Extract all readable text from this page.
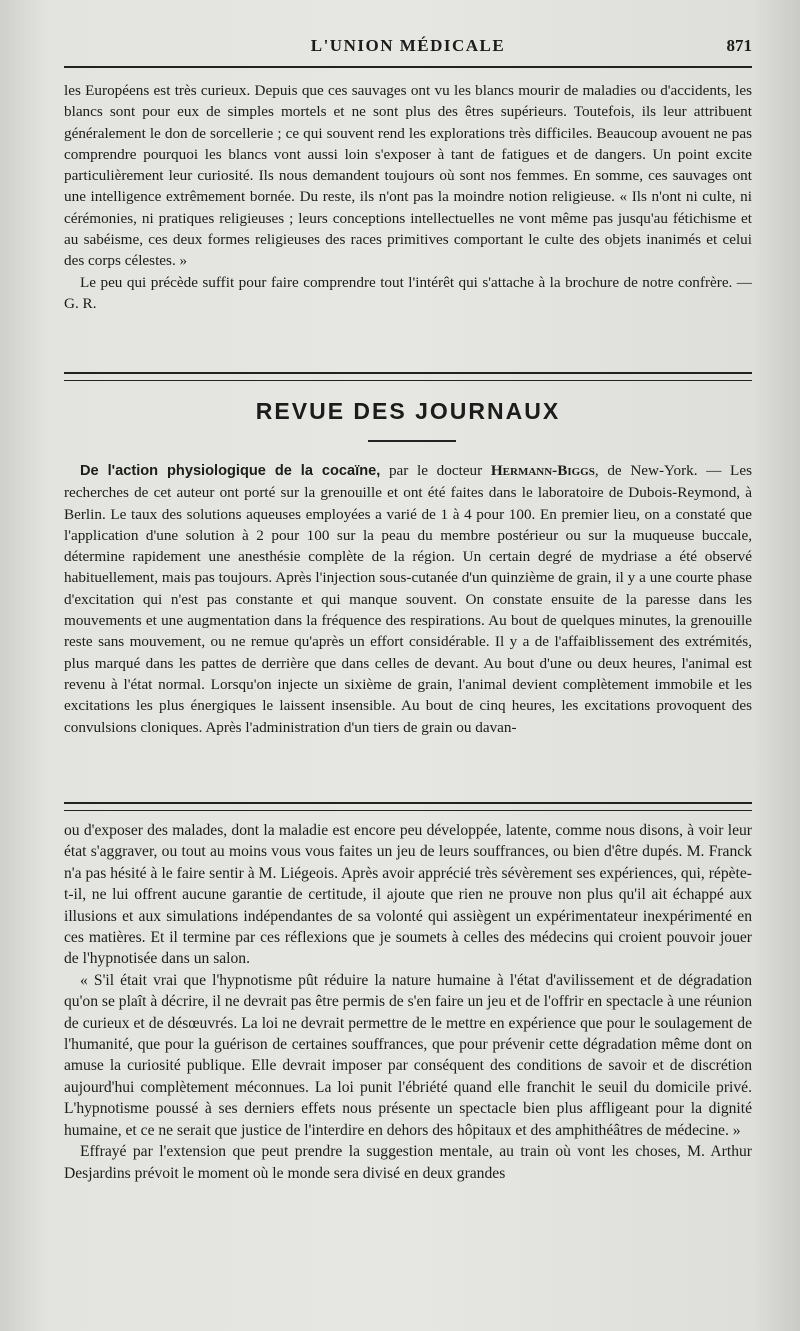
L'UNION MÉDICALE	871

les Européens est très curieux. Depuis que ces sauvages ont vu les blancs mourir de maladies ou d'accidents, les blancs sont pour eux de simples mortels et ne sont plus des êtres supérieurs. Toutefois, ils leur attribuent généralement le don de sorcellerie ; ce qui souvent rend les explorations très difficiles. Beaucoup avouent ne pas comprendre pourquoi les blancs vont aussi loin s'exposer à tant de fatigues et de dangers. Un point excite particulièrement leur curiosité. Ils nous demandent toujours où sont nos femmes. En somme, ces sauvages ont une intelligence extrêmement bornée. Du reste, ils n'ont pas la moindre notion religieuse. « Ils n'ont ni culte, ni cérémonies, ni pratiques religieuses ; leurs conceptions intellectuelles ne vont même pas jusqu'au fétichisme et au sabéisme, ces deux formes religieuses des races primitives comportant le culte des objets inanimés et celui des corps célestes. »

Le peu qui précède suffit pour faire comprendre tout l'intérêt qui s'attache à la brochure de notre confrère. — G. R.

REVUE DES JOURNAUX

De l'action physiologique de la cocaïne, par le docteur Hermann-Biggs, de New-York. — Les recherches de cet auteur ont porté sur la grenouille et ont été faites dans le laboratoire de Dubois-Reymond, à Berlin. Le taux des solutions aqueuses employées a varié de 1 à 4 pour 100. En premier lieu, on a constaté que l'application d'une solution à 2 pour 100 sur la peau du membre postérieur ou sur la muqueuse buccale, détermine rapidement une anesthésie complète de la région. Un certain degré de mydriase a été observé habituellement, mais pas toujours. Après l'injection sous-cutanée d'un quinzième de grain, il y a une courte phase d'excitation qui n'est pas constante et qui manque souvent. On constate ensuite de la paresse dans les mouvements et une augmentation dans la fréquence des respirations. Au bout de quelques minutes, la grenouille reste sans mouvement, ou ne remue qu'après un effort considérable. Il y a de l'affaiblissement des extrémités, plus marqué dans les pattes de derrière que dans celles de devant. Au bout d'une ou deux heures, l'animal est revenu à l'état normal. Lorsqu'on injecte un sixième de grain, l'animal devient complètement immobile et les excitations les plus énergiques le laissent insensible. Au bout de cinq heures, les excitations provoquent des convulsions cloniques. Après l'administration d'un tiers de grain ou davan-

ou d'exposer des malades, dont la maladie est encore peu développée, latente, comme nous disons, à voir leur état s'aggraver, ou tout au moins vous vous faites un jeu de leurs souffrances, ou bien d'être dupés. M. Franck n'a pas hésité à le faire sentir à M. Liégeois. Après avoir apprécié très sévèrement ses expériences, qui, répète-t-il, ne lui offrent aucune garantie de certitude, il ajoute que rien ne prouve non plus qu'il ait échappé aux illusions et aux simulations indépendantes de sa volonté qui assiègent un expérimentateur inexpérimenté en ces matières. Et il termine par ces réflexions que je soumets à celles des médecins qui croient pouvoir jouer de l'hypnotisée dans un salon.

« S'il était vrai que l'hypnotisme pût réduire la nature humaine à l'état d'avilissement et de dégradation qu'on se plaît à décrire, il ne devrait pas être permis de s'en faire un jeu et de l'offrir en spectacle à une réunion de curieux et de désœuvrés. La loi ne devrait permettre de le mettre en expérience que pour le soulagement de l'humanité, que pour la guérison de certaines souffrances, que pour prévenir cette dégradation même dont on amuse la curiosité publique. Elle devrait imposer par conséquent des conditions de savoir et de discrétion aujourd'hui complètement méconnues. La loi punit l'ébriété quand elle franchit le seuil du domicile privé. L'hypnotisme poussé à ses derniers effets nous présente un spectacle bien plus affligeant pour la dignité humaine, et ce ne serait que justice de l'interdire en dehors des hôpitaux et des amphithéâtres de médecine. »

Effrayé par l'extension que peut prendre la suggestion mentale, au train où vont les choses, M. Arthur Desjardins prévoit le moment où le monde sera divisé en deux grandes
